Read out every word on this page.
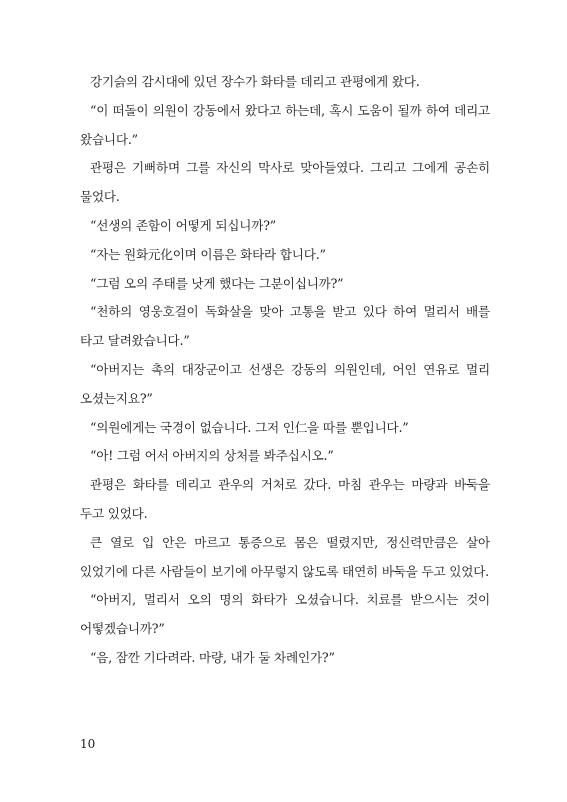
강기슭의 감시대에 있던 장수가 화타를 데리고 관평에게 왔다.

“이 떠돌이 의원이 강동에서 왔다고 하는데, 혹시 도움이 될까 하여 데리고 왔습니다.”

관평은 기뻐하며 그를 자신의 막사로 맞아들였다. 그리고 그에게 공손히 물었다.

“선생의 존함이 어떻게 되십니까?”

“자는 원화元化이며 이름은 화타라 합니다.”

“그럼 오의 주태를 낫게 했다는 그분이십니까?”

“천하의 영웅호걸이 독화살을 맞아 고통을 받고 있다 하여 멀리서 배를 타고 달려왔습니다.”

“아버지는 촉의 대장군이고 선생은 강동의 의원인데, 어인 연유로 멀리 오셨는지요?”

“의원에게는 국경이 없습니다. 그저 인仁을 따를 뿐입니다.”

“아! 그럼 어서 아버지의 상처를 봐주십시오.”

관평은 화타를 데리고 관우의 거처로 갔다. 마침 관우는 마량과 바둑을 두고 있었다.

큰 열로 입 안은 마르고 통증으로 몸은 떨렸지만, 정신력만큼은 살아 있었기에 다른 사람들이 보기에 아무렇지 않도록 태연히 바둑을 두고 있었다.

“아버지, 멀리서 오의 명의 화타가 오셨습니다. 치료를 받으시는 것이 어떻겠습니까?”

“음, 잠깐 기다려라. 마량, 내가 둘 차례인가?”

10
